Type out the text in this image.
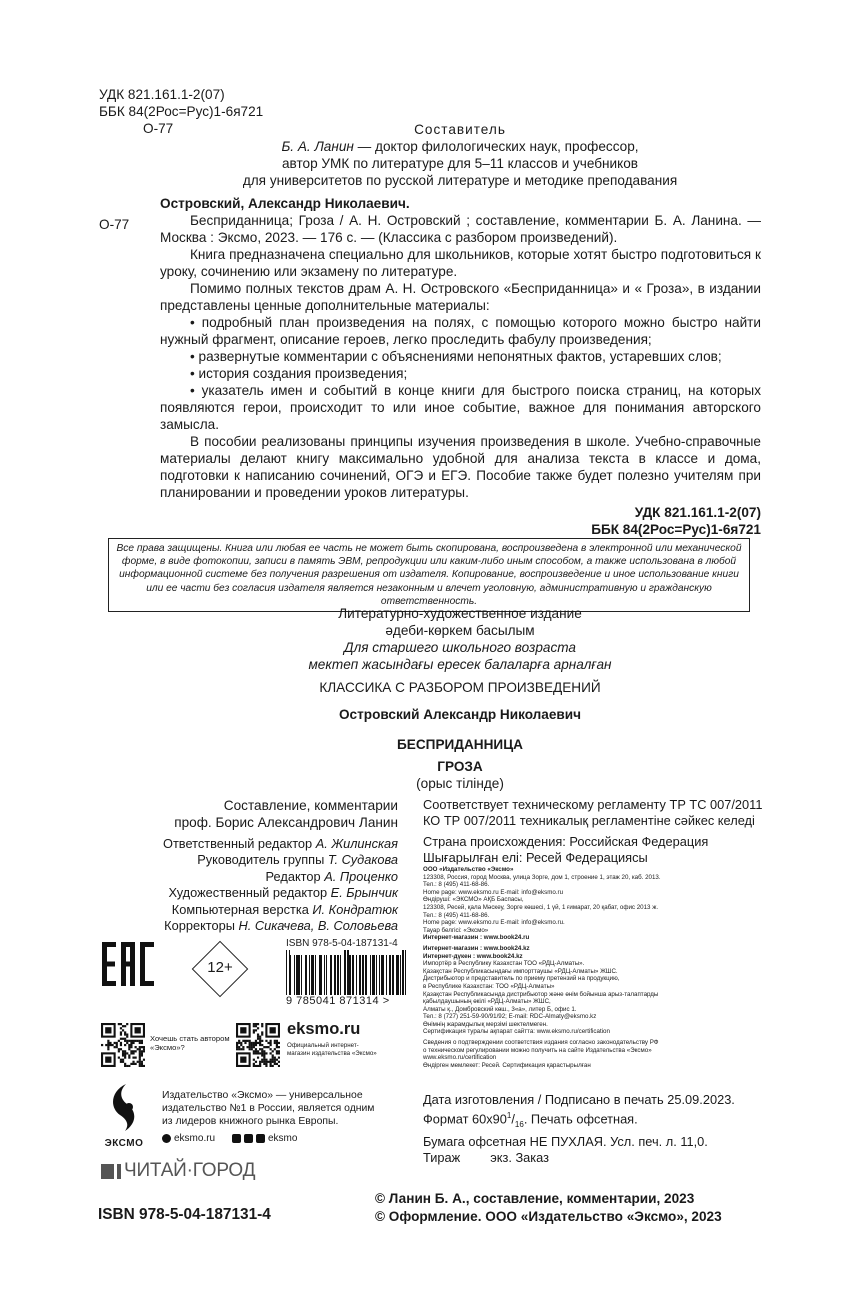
УДК 821.161.1-2(07)
ББК 84(2Рос=Рус)1-6я721
О-77	Составитель
Б. А. Ланин — доктор филологических наук, профессор,
автор УМК по литературе для 5–11 классов и учебников
для университетов по русской литературе и методике преподавания
О-77

Островский, Александр Николаевич.

Бесприданница; Гроза / А. Н. Островский ; составление, комментарии Б. А. Ланина. — Москва : Эксмо, 2023. — 176 с. — (Классика с разбором произведений).

Книга предназначена специально для школьников, которые хотят быстро подготовиться к уроку, сочинению или экзамену по литературе.

Помимо полных текстов драм А. Н. Островского «Бесприданница» и « Гроза», в издании представлены ценные дополнительные материалы:

• подробный план произведения на полях, с помощью которого можно быстро найти нужный фрагмент, описание героев, легко проследить фабулу произведения;

• развернутые комментарии с объяснениями непонятных фактов, устаревших слов;

• история создания произведения;

• указатель имен и событий в конце книги для быстрого поиска страниц, на которых появляются герои, происходит то или иное событие, важное для понимания авторского замысла.

В пособии реализованы принципы изучения произведения в школе. Учебно-справочные материалы делают книгу максимально удобной для анализа текста в классе и дома, подготовки к написанию сочинений, ОГЭ и ЕГЭ. Пособие также будет полезно учителям при планировании и проведении уроков литературы.

УДК 821.161.1-2(07)

ББК 84(2Рос=Рус)1-6я721

Все права защищены. Книга или любая ее часть не может быть скопирована, воспроизведена в электронной или механической форме, в виде фотокопии, записи в память ЭВМ, репродукции или каким-либо иным способом, а также использована в любой информационной системе без получения разрешения от издателя. Копирование, воспроизведение и иное использование книги или ее части без согласия издателя является незаконным и влечет уголовную, административную и гражданскую ответственность.
Литературно-художественное издание
әдеби-көркем басылым
Для старшего школьного возраста
мектеп жасындағы ересек балаларға арналған
КЛАССИКА С РАЗБОРОМ ПРОИЗВЕДЕНИЙ
Островский Александр Николаевич
БЕСПРИДАННИЦА
ГРОЗА
(орыс тілінде)
Составление, комментарии
проф. Борис Александрович Ланин
Ответственный редактор А. Жилинская
Руководитель группы Т. Судакова
Редактор А. Проценко
Художественный редактор Е. Брынчик
Компьютерная верстка И. Кондратюк
Корректоры Н. Сикачева, В. Соловьева
Соответствует техническому регламенту ТР ТС 007/2011
КО ТР 007/2011 техникалық регламентіне сәйкес келеді
Страна происхождения: Российская Федерация
Шығарылған елі: Ресей Федерациясы
ООО «Издательство «Эксмо»
123308, Россия, город Москва, улица Зорге, дом 1, строение 1, этаж 20, каб. 2013.
Тел.: 8 (495) 411-68-86.
Home page: www.eksmo.ru E-mail: info@eksmo.ru
Өндіруші: «ЭКСМО» АҚБ Баспасы,
123308, Ресей, қала Мәскеу, Зорге көшесі, 1 үй, 1 ғимарат, 20 қабат, офис 2013 ж.
Тел.: 8 (495) 411-68-86.
Home page: www.eksmo.ru E-mail: info@eksmo.ru.
Тауар белгісі: «Эксмо»
Интернет-магазин : www.book24.ru
Интернет-магазин : www.book24.kz
Интернет-дүкен : www.book24.kz
Импортёр в Республику Казахстан ТОО «РДЦ-Алматы».
Қазақстан Республикасындағы импорттаушы «РДЦ-Алматы» ЖШС.
Дистрибьютор и представитель по приему претензий на продукцию,
в Республике Казахстан: ТОО «РДЦ-Алматы»
Қазақстан Республикасында дистрибьютор және өнім бойынша арыз-талаптарды
қабылдаушының өкілі «РДЦ-Алматы» ЖШС,
Алматы қ., Домбровский көш., 3«а», литер Б, офис 1.
Тел.: 8 (727) 251-59-90/91/92; E-mail: RDC-Almaty@eksmo.kz
Өнімнің жарамдылық мерзімі шектелмеген.
Сертификация туралы ақпарат сайтта: www.eksmo.ru/certification
Сведения о подтверждении соответствия издания согласно законодательству РФ
о техническом регулировании можно получить на сайте Издательства «Эксмо»
www.eksmo.ru/certification
Өндірген мемлекет: Ресей. Сертификация қарастырылған
Дата изготовления / Подписано в печать 25.09.2023.
Формат $60х90^1/_{16}$. Печать офсетная.
Бумага офсетная НЕ ПУХЛАЯ. Усл. печ. л. 11,0.
Тираж экз. Заказ
12+
ISBN 978-5-04-187131-4
9 785041 871314 >
Хочешь стать автором «Эксмо»?
eksmo.ru
Официальный интернет-магазин издательства «Эксмо»
ЭКСМО
Издательство «Эксмо» — универсальное издательство №1 в России, является одним из лидеров книжного рынка Европы.
eksmo.ru	eksmo
ЧИТАЙ·ГОРОД
ISBN 978-5-04-187131-4
© Ланин Б. А., составление, комментарии, 2023
© Оформление. ООО «Издательство «Эксмо», 2023
